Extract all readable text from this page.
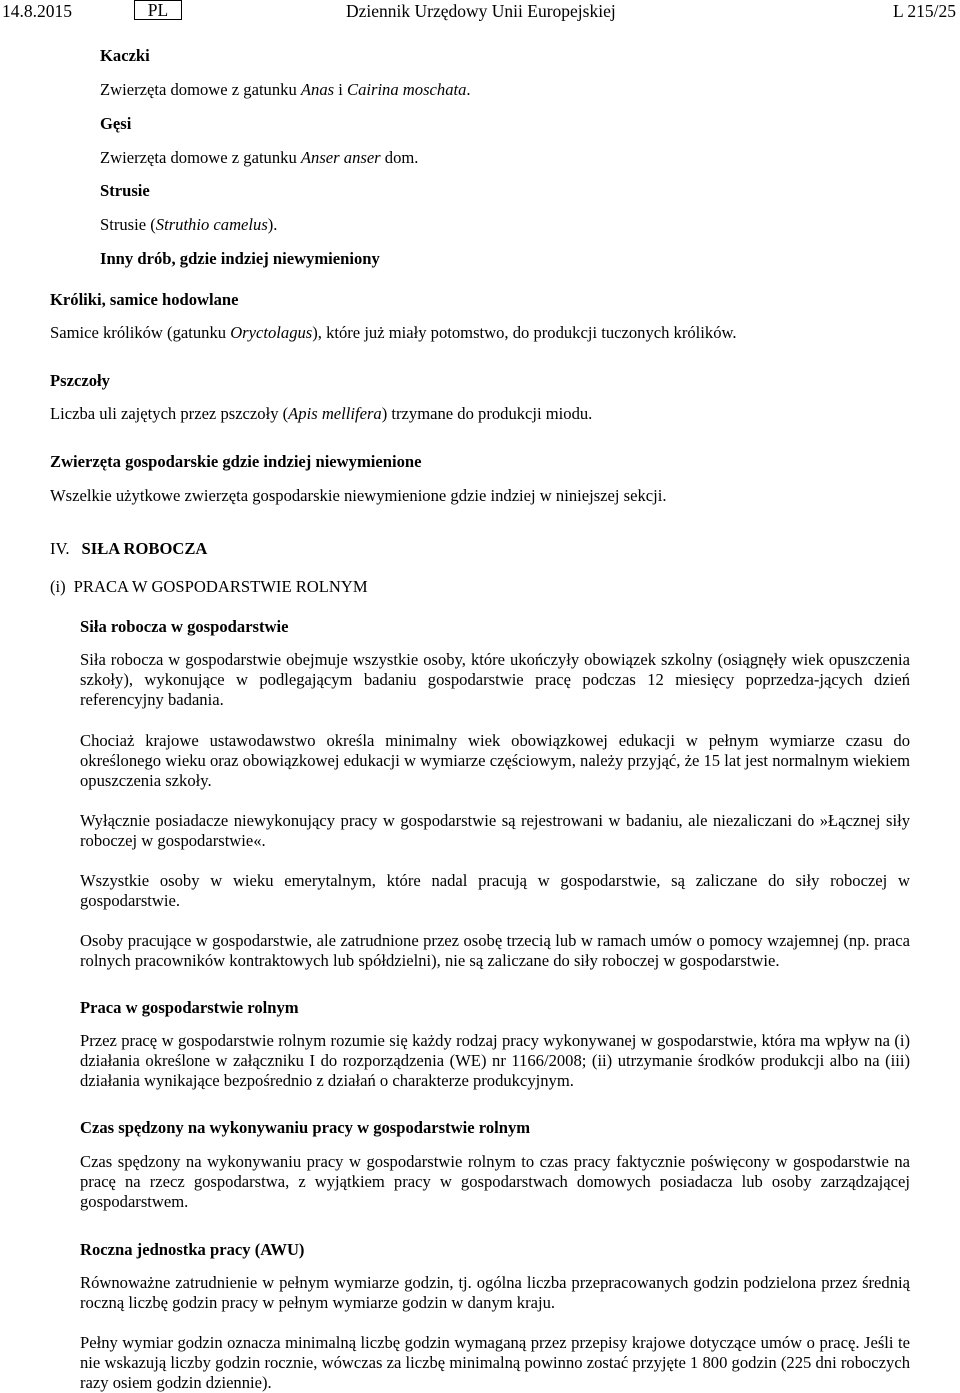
14.8.2015	PL	Dziennik Urzędowy Unii Europejskiej	L 215/25

Kaczki

Zwierzęta domowe z gatunku Anas i Cairina moschata.

Gęsi

Zwierzęta domowe z gatunku Anser anser dom.

Strusie

Strusie (Struthio camelus).

Inny drób, gdzie indziej niewymieniony

Króliki, samice hodowlane

Samice królików (gatunku Oryctolagus), które już miały potomstwo, do produkcji tuczonych królików.

Pszczoły

Liczba uli zajętych przez pszczoły (Apis mellifera) trzymane do produkcji miodu.

Zwierzęta gospodarskie gdzie indziej niewymienione

Wszelkie użytkowe zwierzęta gospodarskie niewymienione gdzie indziej w niniejszej sekcji.

IV. SIŁA ROBOCZA

(i) PRACA W GOSPODARSTWIE ROLNYM

Siła robocza w gospodarstwie

Siła robocza w gospodarstwie obejmuje wszystkie osoby, które ukończyły obowiązek szkolny (osiągnęły wiek opuszczenia szkoły), wykonujące w podlegającym badaniu gospodarstwie pracę podczas 12 miesięcy poprzedza-jących dzień referencyjny badania.

Chociaż krajowe ustawodawstwo określa minimalny wiek obowiązkowej edukacji w pełnym wymiarze czasu do określonego wieku oraz obowiązkowej edukacji w wymiarze częściowym, należy przyjąć, że 15 lat jest normalnym wiekiem opuszczenia szkoły.

Wyłącznie posiadacze niewykonujący pracy w gospodarstwie są rejestrowani w badaniu, ale niezaliczani do »Łącznej siły roboczej w gospodarstwie«.

Wszystkie osoby w wieku emerytalnym, które nadal pracują w gospodarstwie, są zaliczane do siły roboczej w gospodarstwie.

Osoby pracujące w gospodarstwie, ale zatrudnione przez osobę trzecią lub w ramach umów o pomocy wzajemnej (np. praca rolnych pracowników kontraktowych lub spółdzielni), nie są zaliczane do siły roboczej w gospodarstwie.

Praca w gospodarstwie rolnym

Przez pracę w gospodarstwie rolnym rozumie się każdy rodzaj pracy wykonywanej w gospodarstwie, która ma wpływ na (i) działania określone w załączniku I do rozporządzenia (WE) nr 1166/2008; (ii) utrzymanie środków produkcji albo na (iii) działania wynikające bezpośrednio z działań o charakterze produkcyjnym.

Czas spędzony na wykonywaniu pracy w gospodarstwie rolnym

Czas spędzony na wykonywaniu pracy w gospodarstwie rolnym to czas pracy faktycznie poświęcony w gospodarstwie na pracę na rzecz gospodarstwa, z wyjątkiem pracy w gospodarstwach domowych posiadacza lub osoby zarządzającej gospodarstwem.

Roczna jednostka pracy (AWU)

Równoważne zatrudnienie w pełnym wymiarze godzin, tj. ogólna liczba przepracowanych godzin podzielona przez średnią roczną liczbę godzin pracy w pełnym wymiarze godzin w danym kraju.

Pełny wymiar godzin oznacza minimalną liczbę godzin wymaganą przez przepisy krajowe dotyczące umów o pracę. Jeśli te nie wskazują liczby godzin rocznie, wówczas za liczbę minimalną powinno zostać przyjęte 1 800 godzin (225 dni roboczych razy osiem godzin dziennie).
